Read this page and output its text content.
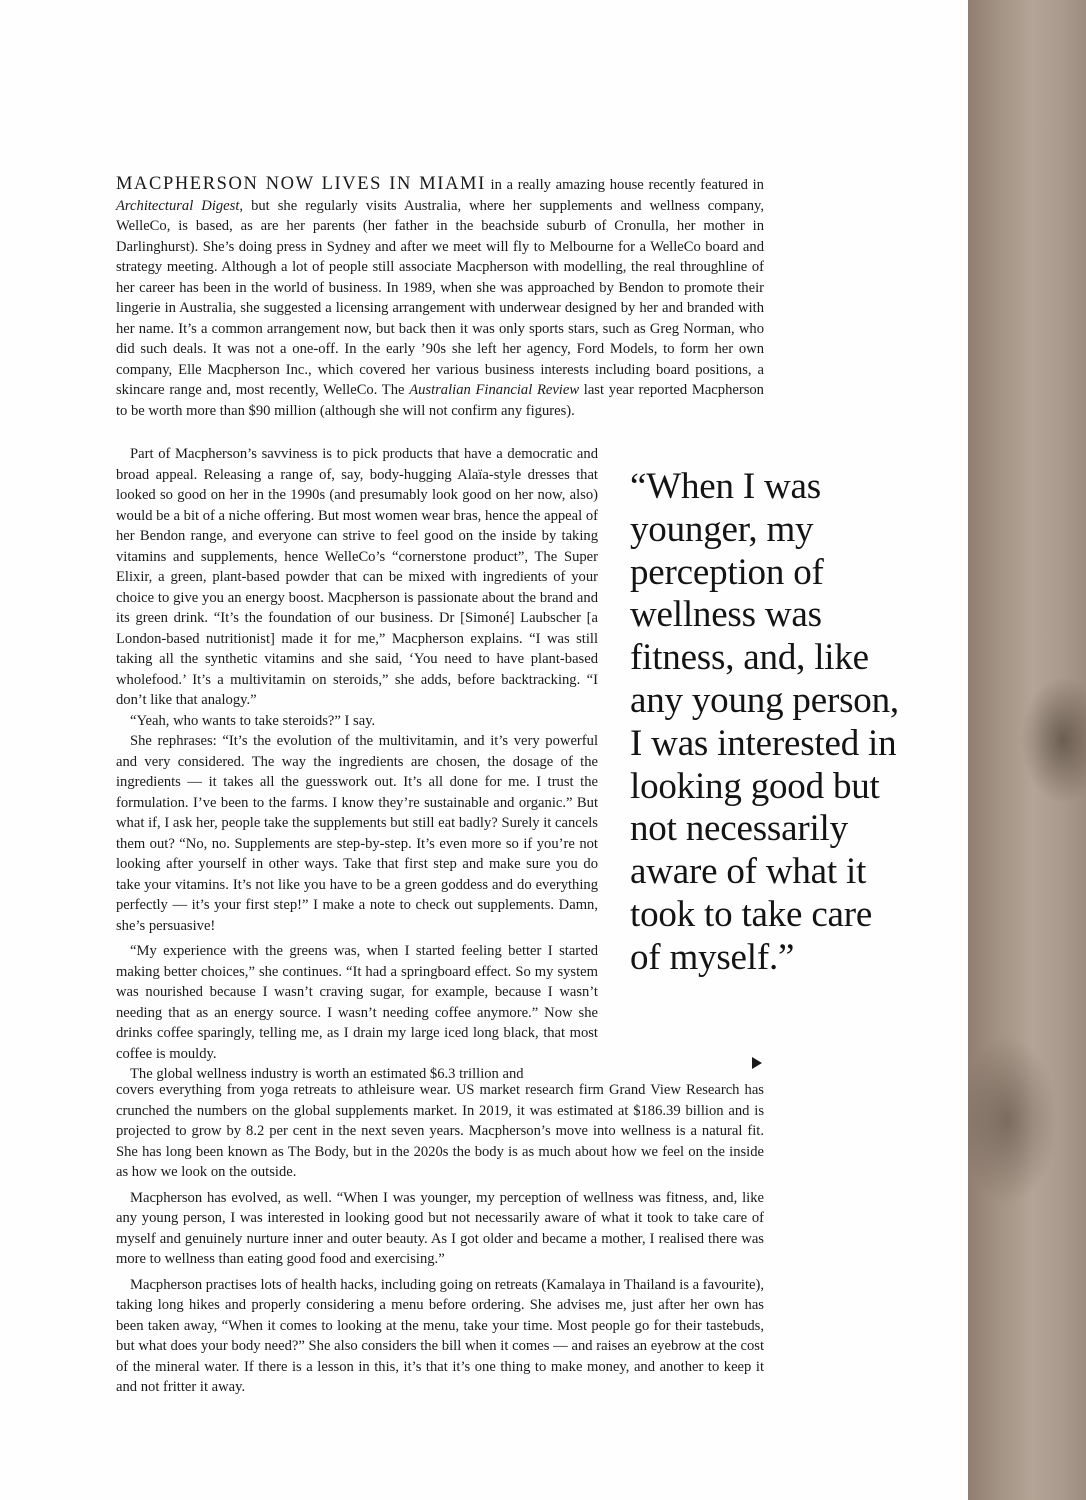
MACPHERSON NOW LIVES IN MIAMI in a really amazing house recently featured in Architectural Digest, but she regularly visits Australia, where her supplements and wellness company, WelleCo, is based, as are her parents (her father in the beachside suburb of Cronulla, her mother in Darlinghurst). She’s doing press in Sydney and after we meet will fly to Melbourne for a WelleCo board and strategy meeting. Although a lot of people still associate Macpherson with modelling, the real throughline of her career has been in the world of business. In 1989, when she was approached by Bendon to promote their lingerie in Australia, she suggested a licensing arrangement with underwear designed by her and branded with her name. It’s a common arrangement now, but back then it was only sports stars, such as Greg Norman, who did such deals. It was not a one-off. In the early ’90s she left her agency, Ford Models, to form her own company, Elle Macpherson Inc., which covered her various business interests including board positions, a skincare range and, most recently, WelleCo. The Australian Financial Review last year reported Macpherson to be worth more than $90 million (although she will not confirm any figures).

Part of Macpherson’s savviness is to pick products that have a democratic and broad appeal. Releasing a range of, say, body-hugging Alaïa-style dresses that looked so good on her in the 1990s (and presumably look good on her now, also) would be a bit of a niche offering. But most women wear bras, hence the appeal of her Bendon range, and everyone can strive to feel good on the inside by taking vitamins and supplements, hence WelleCo’s “cornerstone product”, The Super Elixir, a green, plant-based powder that can be mixed with ingredients of your choice to give you an energy boost. Macpherson is passionate about the brand and its green drink. “It’s the foundation of our business. Dr [Simoné] Laubscher [a London-based nutritionist] made it for me,” Macpherson explains. “I was still taking all the synthetic vitamins and she said, ‘You need to have plant-based wholefood.’ It’s a multivitamin on steroids,” she adds, before backtracking. “I don’t like that analogy.”

“Yeah, who wants to take steroids?” I say.

She rephrases: “It’s the evolution of the multivitamin, and it’s very powerful and very considered. The way the ingredients are chosen, the dosage of the ingredients — it takes all the guesswork out. It’s all done for me. I trust the formulation. I’ve been to the farms. I know they’re sustainable and organic.” But what if, I ask her, people take the supplements but still eat badly? Surely it cancels them out? “No, no. Supplements are step-by-step. It’s even more so if you’re not looking after yourself in other ways. Take that first step and make sure you do take your vitamins. It’s not like you have to be a green goddess and do everything perfectly — it’s your first step!” I make a note to check out supplements. Damn, she’s persuasive!

“My experience with the greens was, when I started feeling better I started making better choices,” she continues. “It had a springboard effect. So my system was nourished because I wasn’t craving sugar, for example, because I wasn’t needing that as an energy source. I wasn’t needing coffee anymore.” Now she drinks coffee sparingly, telling me, as I drain my large iced long black, that most coffee is mouldy.

The global wellness industry is worth an estimated $6.3 trillion and

“When I was younger, my perception of wellness was fitness, and, like any young person, I was interested in looking good but not necessarily aware of what it took to take care of myself.”

covers everything from yoga retreats to athleisure wear. US market research firm Grand View Research has crunched the numbers on the global supplements market. In 2019, it was estimated at $186.39 billion and is projected to grow by 8.2 per cent in the next seven years. Macpherson’s move into wellness is a natural fit. She has long been known as The Body, but in the 2020s the body is as much about how we feel on the inside as how we look on the outside.

Macpherson has evolved, as well. “When I was younger, my perception of wellness was fitness, and, like any young person, I was interested in looking good but not necessarily aware of what it took to take care of myself and genuinely nurture inner and outer beauty. As I got older and became a mother, I realised there was more to wellness than eating good food and exercising.”

Macpherson practises lots of health hacks, including going on retreats (Kamalaya in Thailand is a favourite), taking long hikes and properly considering a menu before ordering. She advises me, just after her own has been taken away, “When it comes to looking at the menu, take your time. Most people go for their tastebuds, but what does your body need?” She also considers the bill when it comes — and raises an eyebrow at the cost of the mineral water. If there is a lesson in this, it’s that it’s one thing to make money, and another to keep it and not fritter it away.
